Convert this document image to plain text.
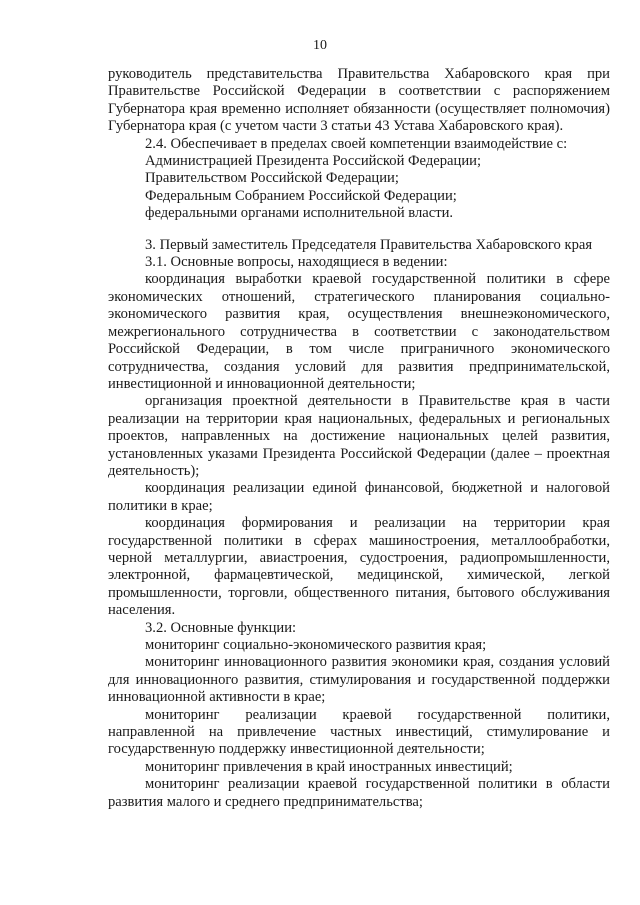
10

руководитель представительства Правительства Хабаровского края при Правительстве Российской Федерации в соответствии с распоряжением Губернатора края временно исполняет обязанности (осуществляет полномочия) Губернатора края (с учетом части 3 статьи 43 Устава Хабаровского края).

2.4. Обеспечивает в пределах своей компетенции взаимодействие с:

Администрацией Президента Российской Федерации;

Правительством Российской Федерации;

Федеральным Собранием Российской Федерации;

федеральными органами исполнительной власти.

3. Первый заместитель Председателя Правительства Хабаровского края

3.1. Основные вопросы, находящиеся в ведении:

координация выработки краевой государственной политики в сфере экономических отношений, стратегического планирования социально-экономического развития края, осуществления внешнеэкономического, межрегионального сотрудничества в соответствии с законодательством Российской Федерации, в том числе приграничного экономического сотрудничества, создания условий для развития предпринимательской, инвестиционной и инновационной деятельности;

организация проектной деятельности в Правительстве края в части реализации на территории края национальных, федеральных и региональных проектов, направленных на достижение национальных целей развития, установленных указами Президента Российской Федерации (далее – проектная деятельность);

координация реализации единой финансовой, бюджетной и налоговой политики в крае;

координация формирования и реализации на территории края государственной политики в сферах машиностроения, металлообработки, черной металлургии, авиастроения, судостроения, радиопромышленности, электронной, фармацевтической, медицинской, химической, легкой промышленности, торговли, общественного питания, бытового обслуживания населения.

3.2. Основные функции:

мониторинг социально-экономического развития края;

мониторинг инновационного развития экономики края, создания условий для инновационного развития, стимулирования и государственной поддержки инновационной активности в крае;

мониторинг реализации краевой государственной политики, направленной на привлечение частных инвестиций, стимулирование и государственную поддержку инвестиционной деятельности;

мониторинг привлечения в край иностранных инвестиций;

мониторинг реализации краевой государственной политики в области развития малого и среднего предпринимательства;
